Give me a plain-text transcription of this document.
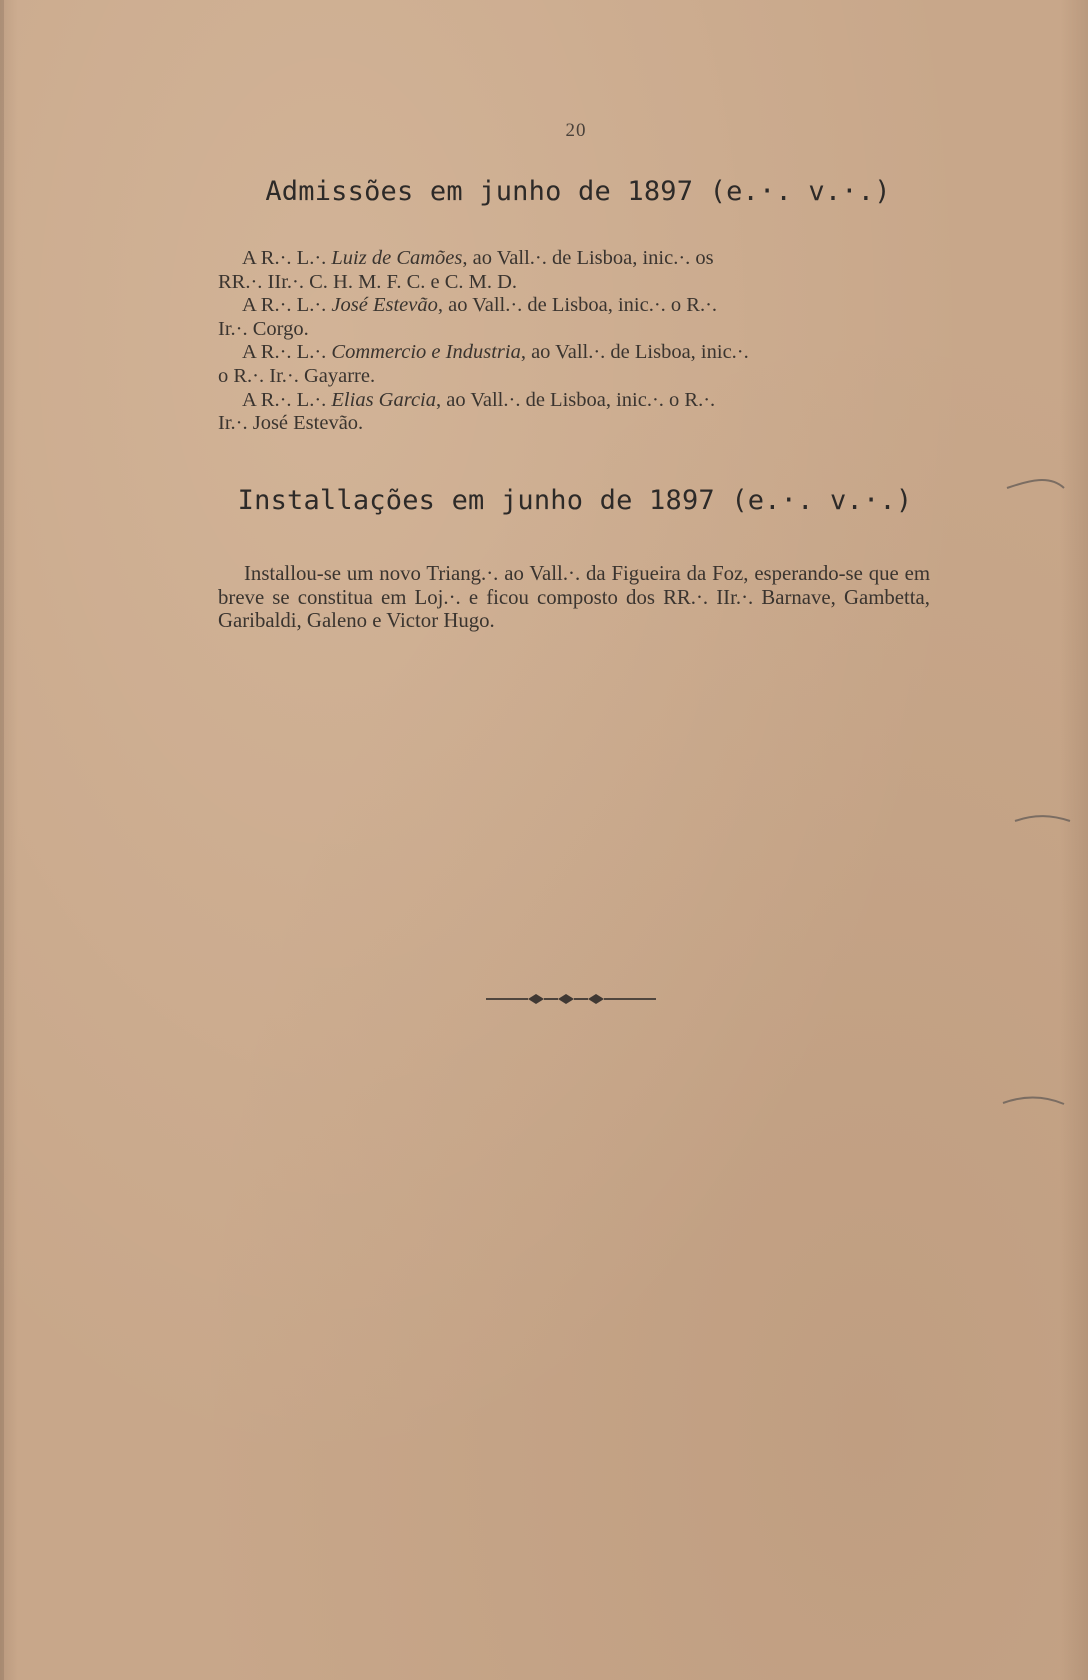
20
Admissões em junho de 1897 (e.·. v.·.)
A R.·. L.·. Luiz de Camões, ao Vall.·. de Lisboa, inic.·. os
RR.·. IIr.·. C. H. M. F. C. e C. M. D.
A R.·. L.·. José Estevão, ao Vall.·. de Lisboa, inic.·. o R.·.
Ir.·. Corgo.
A R.·. L.·. Commercio e Industria, ao Vall.·. de Lisboa, inic.·.
o R.·. Ir.·. Gayarre.
A R.·. L.·. Elias Garcia, ao Vall.·. de Lisboa, inic.·. o R.·.
Ir.·. José Estevão.
Installações em junho de 1897 (e.·. v.·.)

Installou-se um novo Triang.·. ao Vall.·. da Figueira da Foz, esperando-se que em breve se constitua em Loj.·. e ficou composto dos RR.·. IIr.·. Barnave, Gambetta, Garibaldi, Galeno e Victor Hugo.
